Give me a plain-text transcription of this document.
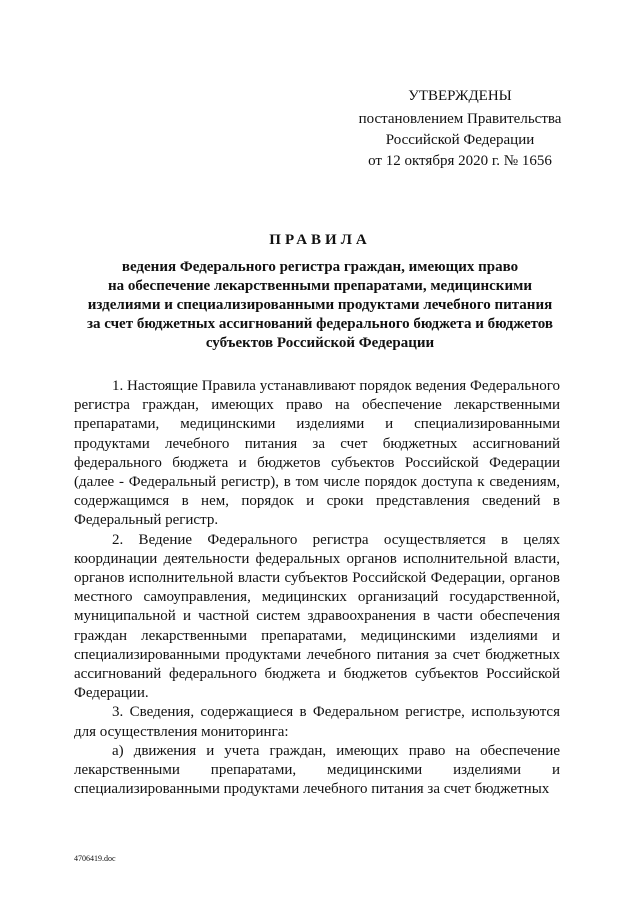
УТВЕРЖДЕНЫ
постановлением Правительства
Российской Федерации
от 12 октября 2020 г. № 1656
ПРАВИЛА
ведения Федерального регистра граждан, имеющих право
на обеспечение лекарственными препаратами, медицинскими
изделиями и специализированными продуктами лечебного питания
за счет бюджетных ассигнований федерального бюджета и бюджетов
субъектов Российской Федерации

1. Настоящие Правила устанавливают порядок ведения Федерального регистра граждан, имеющих право на обеспечение лекарственными препаратами, медицинскими изделиями и специализированными продуктами лечебного питания за счет бюджетных ассигнований федерального бюджета и бюджетов субъектов Российской Федерации (далее - Федеральный регистр), в том числе порядок доступа к сведениям, содержащимся в нем, порядок и сроки представления сведений в Федеральный регистр.

2. Ведение Федерального регистра осуществляется в целях координации деятельности федеральных органов исполнительной власти, органов исполнительной власти субъектов Российской Федерации, органов местного самоуправления, медицинских организаций государственной, муниципальной и частной систем здравоохранения в части обеспечения граждан лекарственными препаратами, медицинскими изделиями и специализированными продуктами лечебного питания за счет бюджетных ассигнований федерального бюджета и бюджетов субъектов Российской Федерации.

3. Сведения, содержащиеся в Федеральном регистре, используются для осуществления мониторинга:

а) движения и учета граждан, имеющих право на обеспечение лекарственными препаратами, медицинскими изделиями и специализированными продуктами лечебного питания за счет бюджетных

4706419.doc
